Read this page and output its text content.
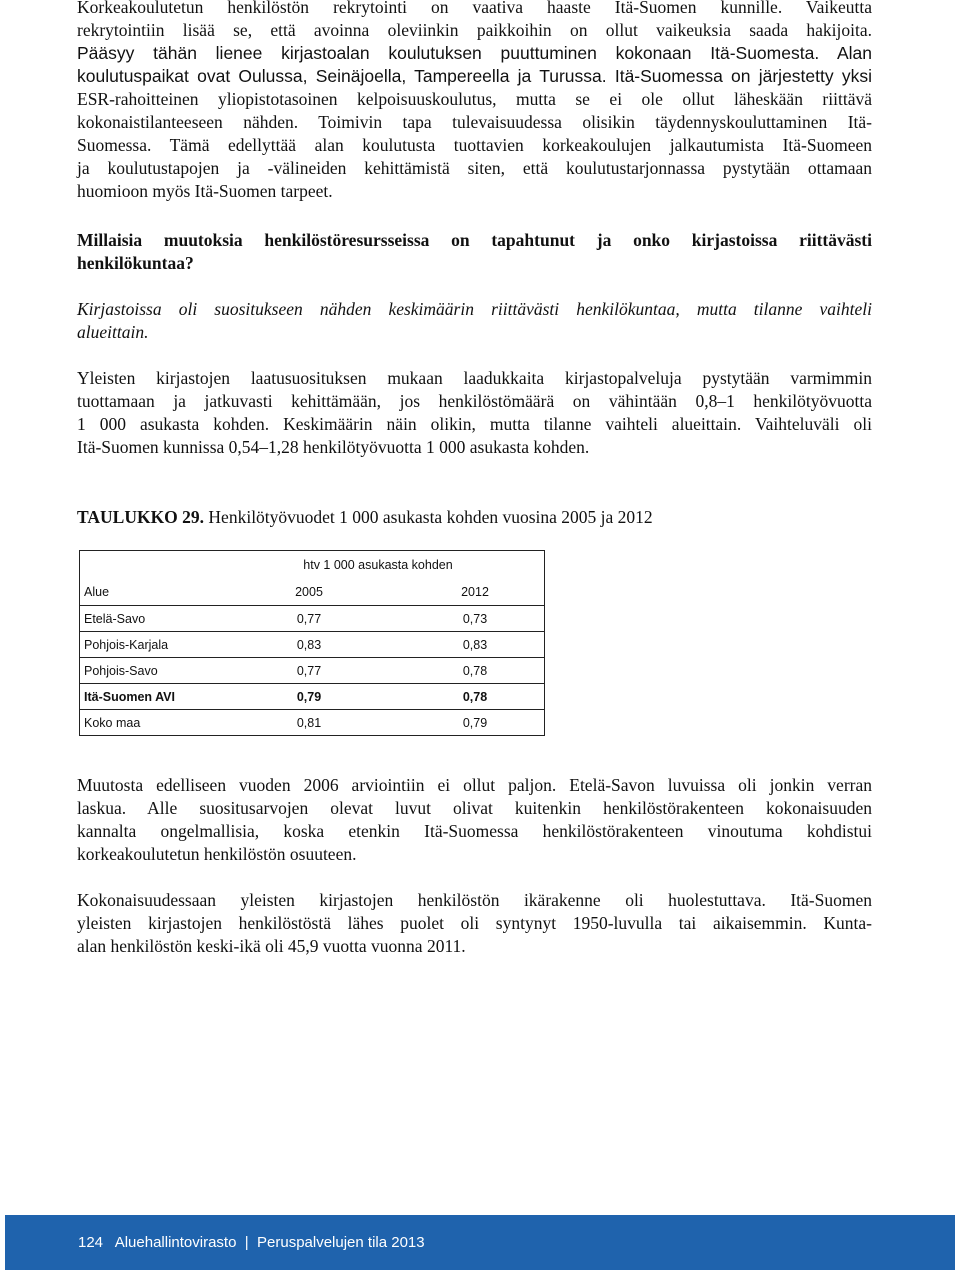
Korkeakoulutetun henkilöstön rekrytointi on vaativa haaste Itä-Suomen kunnille. Vaikeutta
rekrytointiin lisää se, että avoinna oleviinkin paikkoihin on ollut vaikeuksia saada hakijoita.
Pääsyy tähän lienee kirjastoalan koulutuksen puuttuminen kokonaan Itä-Suomesta. Alan
koulutuspaikat ovat Oulussa, Seinäjoella, Tampereella ja Turussa. Itä-Suomessa on järjestetty yksi
ESR-rahoitteinen yliopistotasoinen kelpoisuuskoulutus, mutta se ei ole ollut läheskään riittävä
kokonaistilanteeseen nähden. Toimivin tapa tulevaisuudessa olisikin täydennyskouluttaminen Itä-
Suomessa. Tämä edellyttää alan koulutusta tuottavien korkeakoulujen jalkautumista Itä-Suomeen
ja koulutustapojen ja -välineiden kehittämistä siten, että koulutustarjonnassa pystytään ottamaan
huomioon myös Itä-Suomen tarpeet.

Millaisia muutoksia henkilöstöresursseissa on tapahtunut ja onko kirjastoissa riittävästi
henkilökuntaa?

Kirjastoissa oli suositukseen nähden keskimäärin riittävästi henkilökuntaa, mutta tilanne vaihteli
alueittain.

Yleisten kirjastojen laatusuosituksen mukaan laadukkaita kirjastopalveluja pystytään varmimmin
tuottamaan ja jatkuvasti kehittämään, jos henkilöstömäärä on vähintään 0,8–1 henkilötyövuotta
1 000 asukasta kohden. Keskimäärin näin olikin, mutta tilanne vaihteli alueittain. Vaihteluväli oli
Itä-Suomen kunnissa 0,54–1,28 henkilötyövuotta 1 000 asukasta kohden.

TAULUKKO 29. Henkilötyövuodet 1 000 asukasta kohden vuosina 2005 ja 2012

Muutosta edelliseen vuoden 2006 arviointiin ei ollut paljon. Etelä-Savon luvuissa oli jonkin verran
laskua. Alle suositusarvojen olevat luvut olivat kuitenkin henkilöstörakenteen kokonaisuuden
kannalta ongelmallisia, koska etenkin Itä-Suomessa henkilöstörakenteen vinoutuma kohdistui
korkeakoulutetun henkilöstön osuuteen.

Kokonaisuudessaan yleisten kirjastojen henkilöstön ikärakenne oli huolestuttava. Itä-Suomen
yleisten kirjastojen henkilöstöstä lähes puolet oli syntynyt 1950-luvulla tai aikaisemmin. Kunta-
alan henkilöstön keski-ikä oli 45,9 vuotta vuonna 2011.

	htv 1 000 asukasta kohden	
Alue	2005	2012
Etelä-Savo	0,77	0,73
Pohjois-Karjala	0,83	0,83
Pohjois-Savo	0,77	0,78
Itä-Suomen AVI	0,79	0,78
Koko maa	0,81	0,79
124   Aluehallintovirasto  |  Peruspalvelujen tila 2013
